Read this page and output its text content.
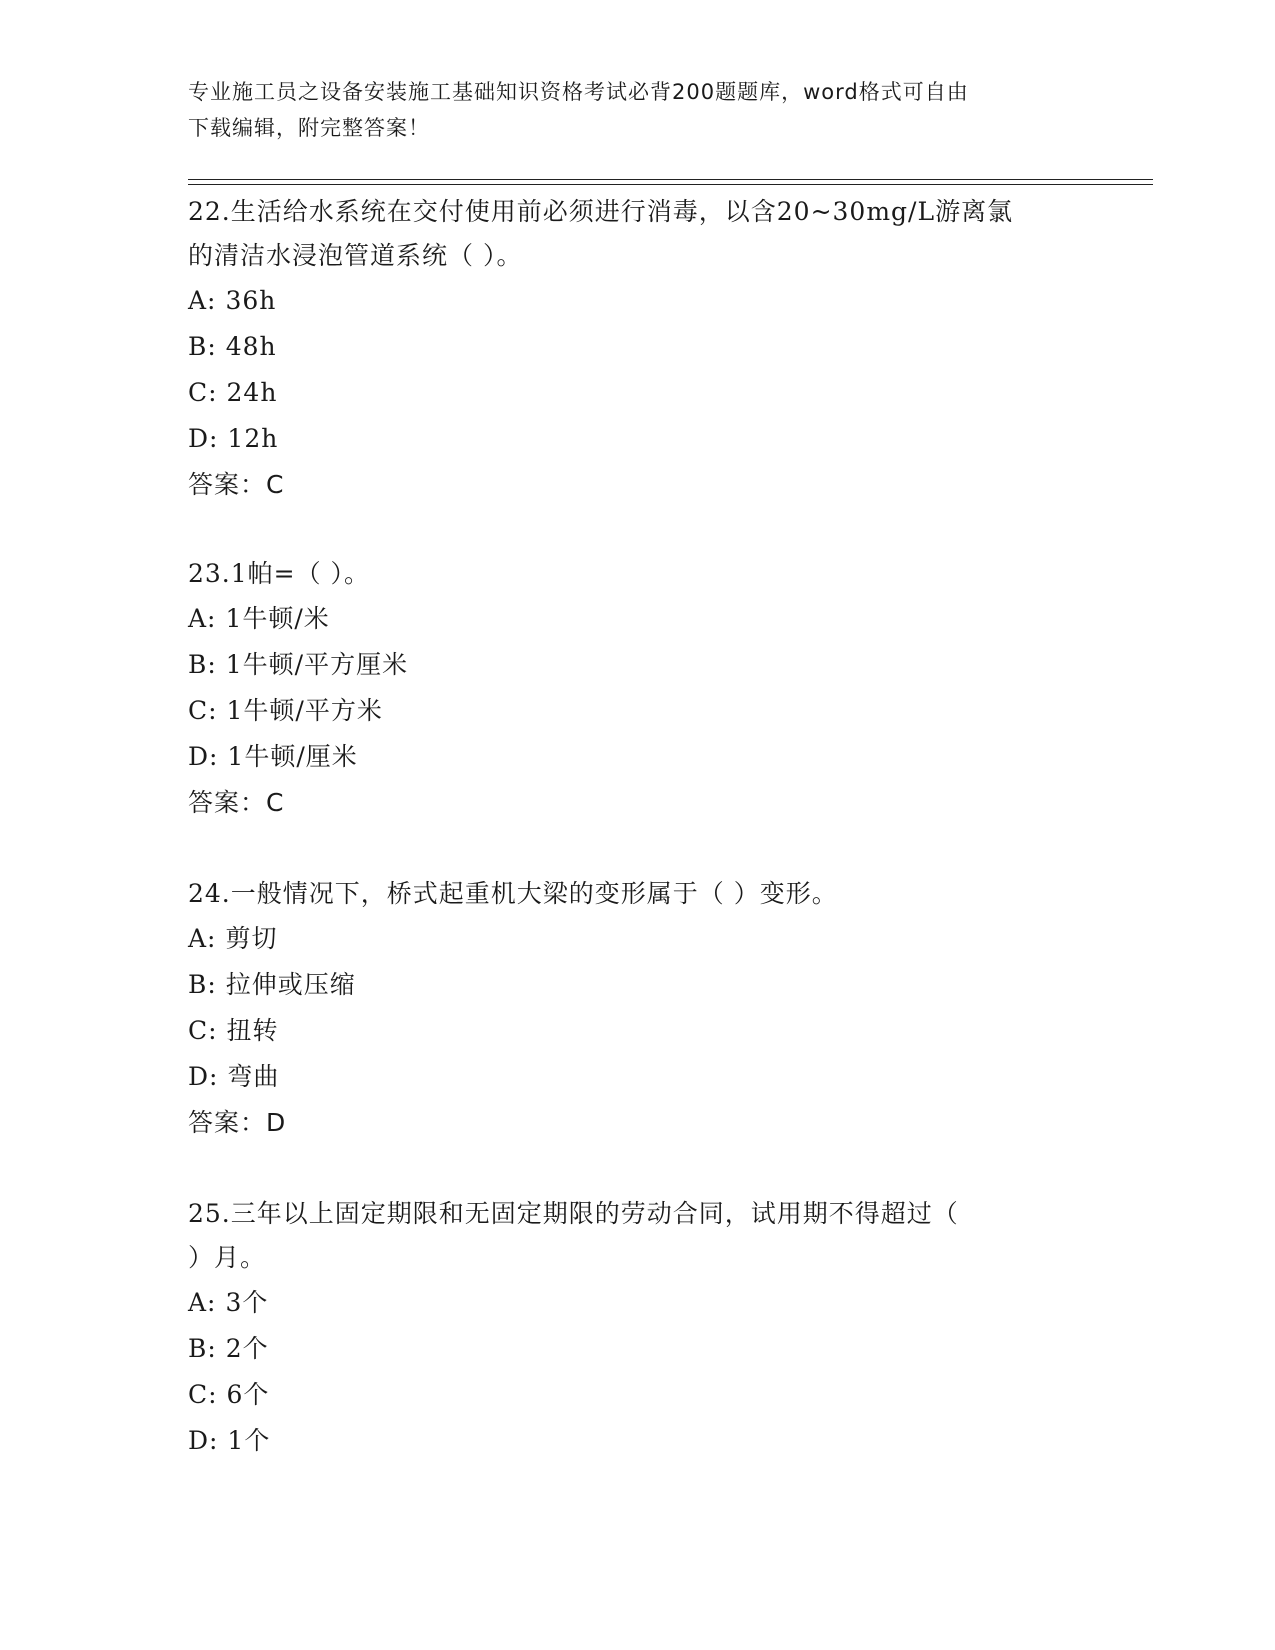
专业施工员之设备安装施工基础知识资格考试必背200题题库，word格式可自由
下载编辑，附完整答案！

22.生活给水系统在交付使用前必须进行消毒，以含20~30mg/L游离氯

的清洁水浸泡管道系统（ ）。

A: 36h

B: 48h

C: 24h

D: 12h

答案：C

23.1帕=（ ）。

A: 1牛顿/米

B: 1牛顿/平方厘米

C: 1牛顿/平方米

D: 1牛顿/厘米

答案：C

24.一般情况下，桥式起重机大梁的变形属于（ ）变形。

A: 剪切

B: 拉伸或压缩

C: 扭转

D: 弯曲

答案：D

25.三年以上固定期限和无固定期限的劳动合同，试用期不得超过（

）月。

A: 3个

B: 2个

C: 6个

D: 1个
